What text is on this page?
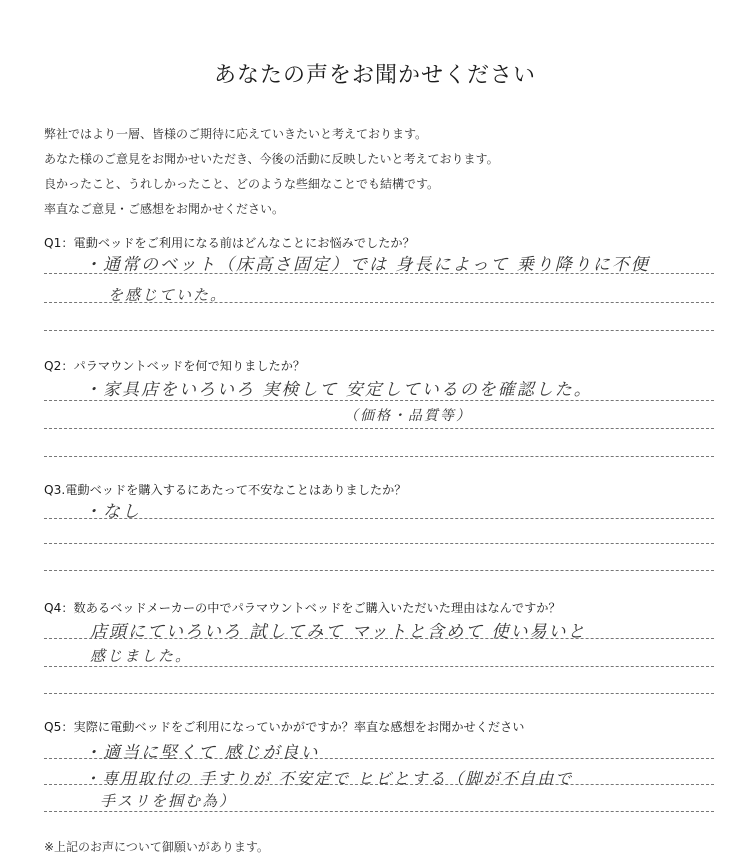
あなたの声をお聞かせください
弊社ではより一層、皆様のご期待に応えていきたいと考えております。
あなた様のご意見をお聞かせいただき、今後の活動に反映したいと考えております。
良かったこと、うれしかったこと、どのような些細なことでも結構です。
率直なご意見・ご感想をお聞かせください。
Q1：電動ベッドをご利用になる前はどんなことにお悩みでしたか？
・通常のベット（床高さ固定）では 身長によって 乗り降りに不便
を感じていた。
Q2：パラマウントベッドを何で知りましたか？
・家具店をいろいろ 実検して 安定しているのを確認した。
（価格・品質等）
Q3.電動ベッドを購入するにあたって不安なことはありましたか？
・なし
Q4：数あるベッドメーカーの中でパラマウントベッドをご購入いただいた理由はなんですか？
店頭にていろいろ 試してみて マットと含めて 使い易いと
感じました。
Q5：実際に電動ベッドをご利用になっていかがですか？率直な感想をお聞かせください
・適当に堅くて 感じが良い
・専用取付の 手すりが 不安定で ヒビとする（脚が不自由で
手スリを掴む為）
※上記のお声について御願いがあります。
